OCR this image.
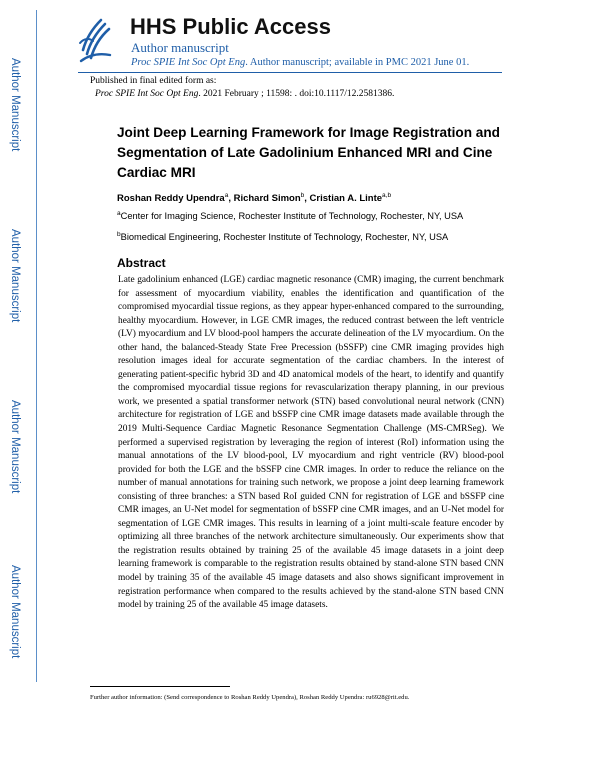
Author Manuscript
Author Manuscript
Author Manuscript
Author Manuscript
HHS Public Access
Author manuscript
Proc SPIE Int Soc Opt Eng. Author manuscript; available in PMC 2021 June 01.
Published in final edited form as:
Proc SPIE Int Soc Opt Eng. 2021 February ; 11598: . doi:10.1117/12.2581386.
Joint Deep Learning Framework for Image Registration and Segmentation of Late Gadolinium Enhanced MRI and Cine Cardiac MRI
Roshan Reddy Upendra$^a$, Richard Simon$^b$, Cristian A. Linte$^{a,b}$
$^a$Center for Imaging Science, Rochester Institute of Technology, Rochester, NY, USA
$^b$Biomedical Engineering, Rochester Institute of Technology, Rochester, NY, USA
Abstract

Late gadolinium enhanced (LGE) cardiac magnetic resonance (CMR) imaging, the current benchmark for assessment of myocardium viability, enables the identification and quantification of the compromised myocardial tissue regions, as they appear hyper-enhanced compared to the surrounding, healthy myocardium. However, in LGE CMR images, the reduced contrast between the left ventricle (LV) myocardium and LV blood-pool hampers the accurate delineation of the LV myocardium. On the other hand, the balanced-Steady State Free Precession (bSSFP) cine CMR imaging provides high resolution images ideal for accurate segmentation of the cardiac chambers. In the interest of generating patient-specific hybrid 3D and 4D anatomical models of the heart, to identify and quantify the compromised myocardial tissue regions for revascularization therapy planning, in our previous work, we presented a spatial transformer network (STN) based convolutional neural network (CNN) architecture for registration of LGE and bSSFP cine CMR image datasets made available through the 2019 Multi-Sequence Cardiac Magnetic Resonance Segmentation Challenge (MS-CMRSeg). We performed a supervised registration by leveraging the region of interest (RoI) information using the manual annotations of the LV blood-pool, LV myocardium and right ventricle (RV) blood-pool provided for both the LGE and the bSSFP cine CMR images. In order to reduce the reliance on the number of manual annotations for training such network, we propose a joint deep learning framework consisting of three branches: a STN based RoI guided CNN for registration of LGE and bSSFP cine CMR images, an U-Net model for segmentation of bSSFP cine CMR images, and an U-Net model for segmentation of LGE CMR images. This results in learning of a joint multi-scale feature encoder by optimizing all three branches of the network architecture simultaneously. Our experiments show that the registration results obtained by training 25 of the available 45 image datasets in a joint deep learning framework is comparable to the registration results obtained by stand-alone STN based CNN model by training 35 of the available 45 image datasets and also shows significant improvement in registration performance when compared to the results achieved by the stand-alone STN based CNN model by training 25 of the available 45 image datasets.

Further author information: (Send correspondence to Roshan Reddy Upendra), Roshan Reddy Upendra: ru6928@rit.edu.
